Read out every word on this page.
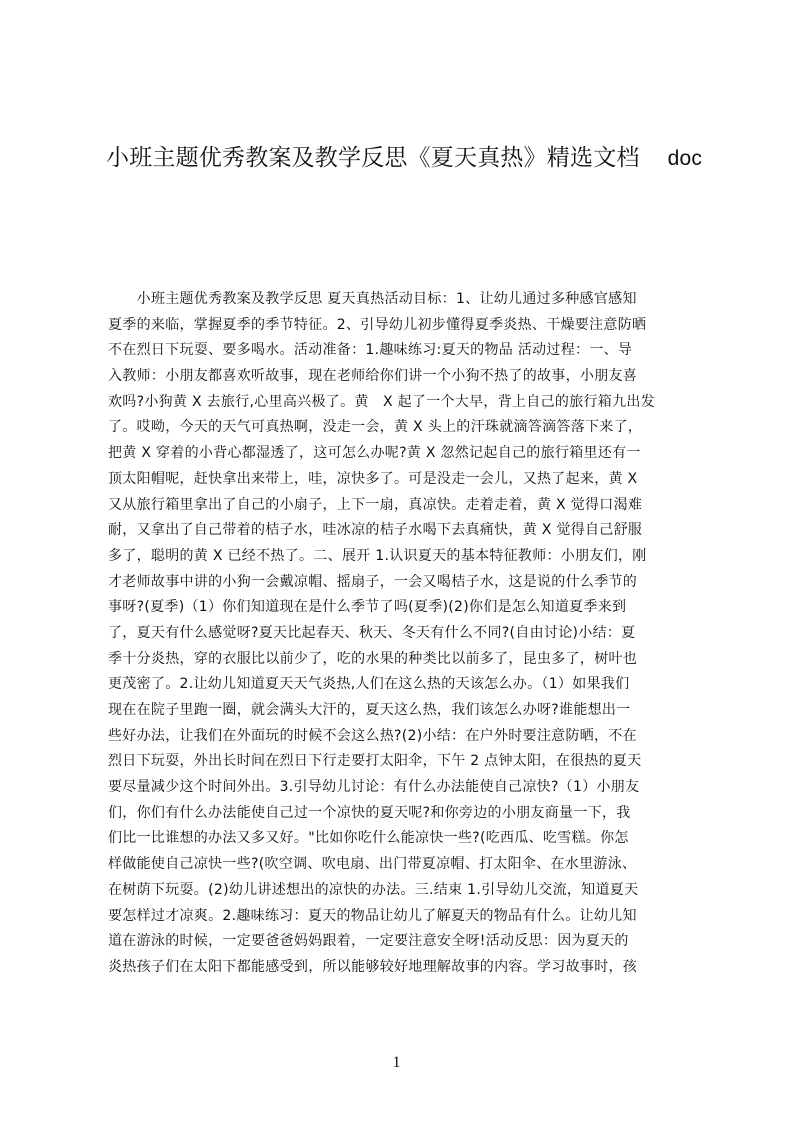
小班主题优秀教案及教学反思《夏天真热》精选文档 doc
　　小班主题优秀教案及教学反思 夏天真热活动目标：1、让幼儿通过多种感官感知
夏季的来临，掌握夏季的季节特征。2、引导幼儿初步懂得夏季炎热、干燥要注意防晒
不在烈日下玩耍、要多喝水。活动准备：1.趣味练习:夏天的物品 活动过程：一、导
入教师：小朋友都喜欢听故事，现在老师给你们讲一个小狗不热了的故事，小朋友喜
欢吗?小狗黄 X 去旅行,心里高兴极了。黄　X 起了一个大早，背上自己的旅行箱九出发
了。哎呦，今天的天气可真热啊，没走一会，黄 X 头上的汗珠就滴答滴答落下来了，
把黄 X 穿着的小背心都湿透了，这可怎么办呢?黄 X 忽然记起自己的旅行箱里还有一
顶太阳帽呢，赶快拿出来带上，哇，凉快多了。可是没走一会儿，又热了起来，黄 X
又从旅行箱里拿出了自己的小扇子，上下一扇，真凉快。走着走着，黄 X 觉得口渴难
耐，又拿出了自己带着的桔子水，哇冰凉的桔子水喝下去真痛快，黄 X 觉得自己舒服
多了，聪明的黄 X 已经不热了。二、展开 1.认识夏天的基本特征教师：小朋友们，刚
才老师故事中讲的小狗一会戴凉帽、摇扇子，一会又喝桔子水，这是说的什么季节的
事呀?(夏季)（1）你们知道现在是什么季节了吗(夏季)(2)你们是怎么知道夏季来到
了，夏天有什么感觉呀?夏天比起春天、秋天、冬天有什么不同?(自由讨论)小结：夏
季十分炎热，穿的衣服比以前少了，吃的水果的种类比以前多了，昆虫多了，树叶也
更茂密了。2.让幼儿知道夏天天气炎热,人们在这么热的天该怎么办。（1）如果我们
现在在院子里跑一圈，就会满头大汗的，夏天这么热，我们该怎么办呀?谁能想出一
些好办法，让我们在外面玩的时候不会这么热?(2)小结：在户外时要注意防晒，不在
烈日下玩耍，外出长时间在烈日下行走要打太阳伞，下午 2 点钟太阳，在很热的夏天
要尽量减少这个时间外出。3.引导幼儿讨论：有什么办法能使自己凉快?（1）小朋友
们，你们有什么办法能使自己过一个凉快的夏天呢?和你旁边的小朋友商量一下，我
们比一比谁想的办法又多又好。"比如你吃什么能凉快一些?(吃西瓜、吃雪糕。你怎
样做能使自己凉快一些?(吹空调、吹电扇、出门带夏凉帽、打太阳伞、在水里游泳、
在树荫下玩耍。(2)幼儿讲述想出的凉快的办法。三.结束 1.引导幼儿交流，知道夏天
要怎样过才凉爽。2.趣味练习：夏天的物品让幼儿了解夏天的物品有什么。让幼儿知
道在游泳的时候，一定要爸爸妈妈跟着，一定要注意安全呀!活动反思：因为夏天的
炎热孩子们在太阳下都能感受到，所以能够较好地理解故事的内容。学习故事时，孩
1
